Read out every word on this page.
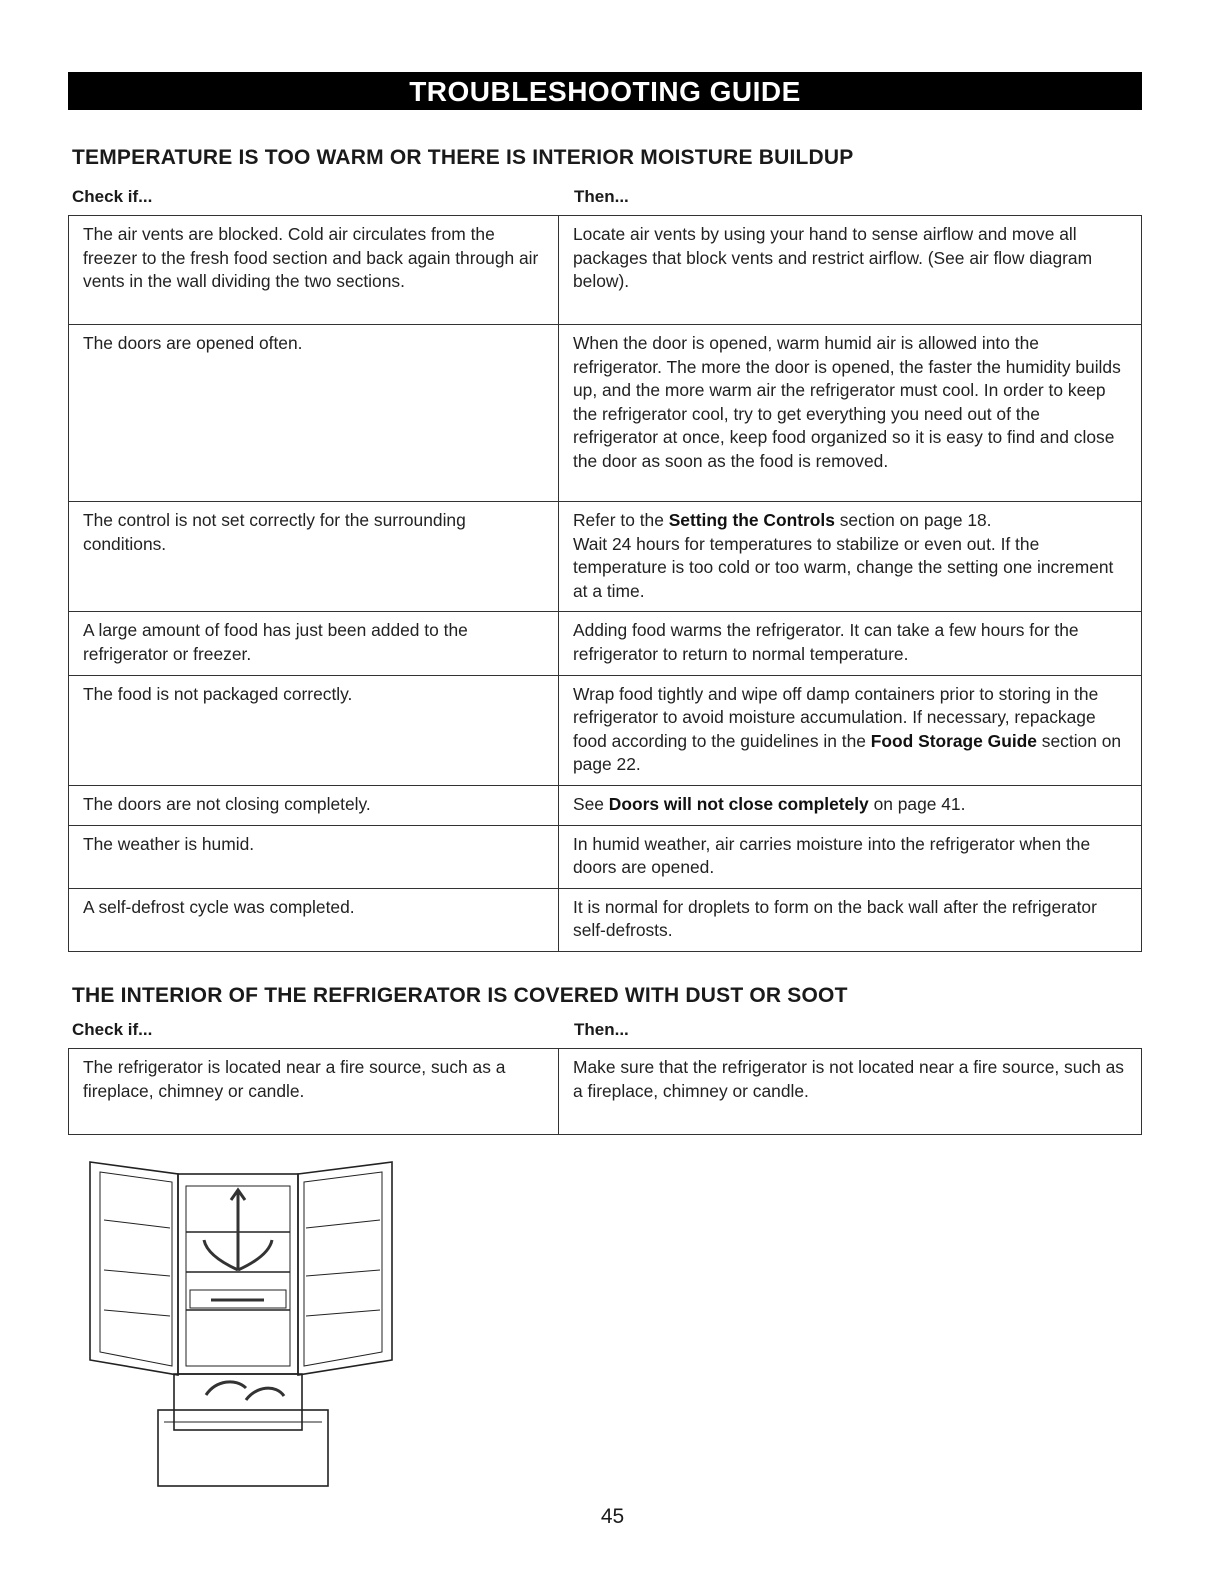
TROUBLESHOOTING GUIDE
TEMPERATURE IS TOO WARM OR THERE IS INTERIOR MOISTURE BUILDUP
Check if...	Then...
The air vents are blocked. Cold air circulates from the freezer to the fresh food section and back again through air vents in the wall dividing the two sections.	Locate air vents by using your hand to sense airflow and move all packages that block vents and restrict airflow. (See air flow diagram below).
The doors are opened often.	When the door is opened, warm humid air is allowed into the refrigerator. The more the door is opened, the faster the humidity builds up, and the more warm air the refrigerator must cool. In order to keep the refrigerator cool, try to get everything you need out of the refrigerator at once, keep food organized so it is easy to find and close the door as soon as the food is removed.
The control is not set correctly for the surrounding conditions.	Refer to the Setting the Controls section on page 18.
Wait 24 hours for temperatures to stabilize or even out. If the temperature is too cold or too warm, change the setting one increment at a time.
A large amount of food has just been added to the refrigerator or freezer.	Adding food warms the refrigerator. It can take a few hours for the refrigerator to return to normal temperature.
The food is not packaged correctly.	Wrap food tightly and wipe off damp containers prior to storing in the refrigerator to avoid moisture accumulation. If necessary, repackage food according to the guidelines in the Food Storage Guide section on page 22.
The doors are not closing completely.	See Doors will not close completely on page 41.
The weather is humid.	In humid weather, air carries moisture into the refrigerator when the doors are opened.
A self-defrost cycle was completed.	It is normal for droplets to form on the back wall after the refrigerator self-defrosts.
THE INTERIOR OF THE REFRIGERATOR IS COVERED WITH DUST OR SOOT
Check if...	Then...
The refrigerator is located near a fire source, such as a fireplace, chimney or candle.	Make sure that the refrigerator is not located near a fire source, such as a fireplace, chimney or candle.
45
